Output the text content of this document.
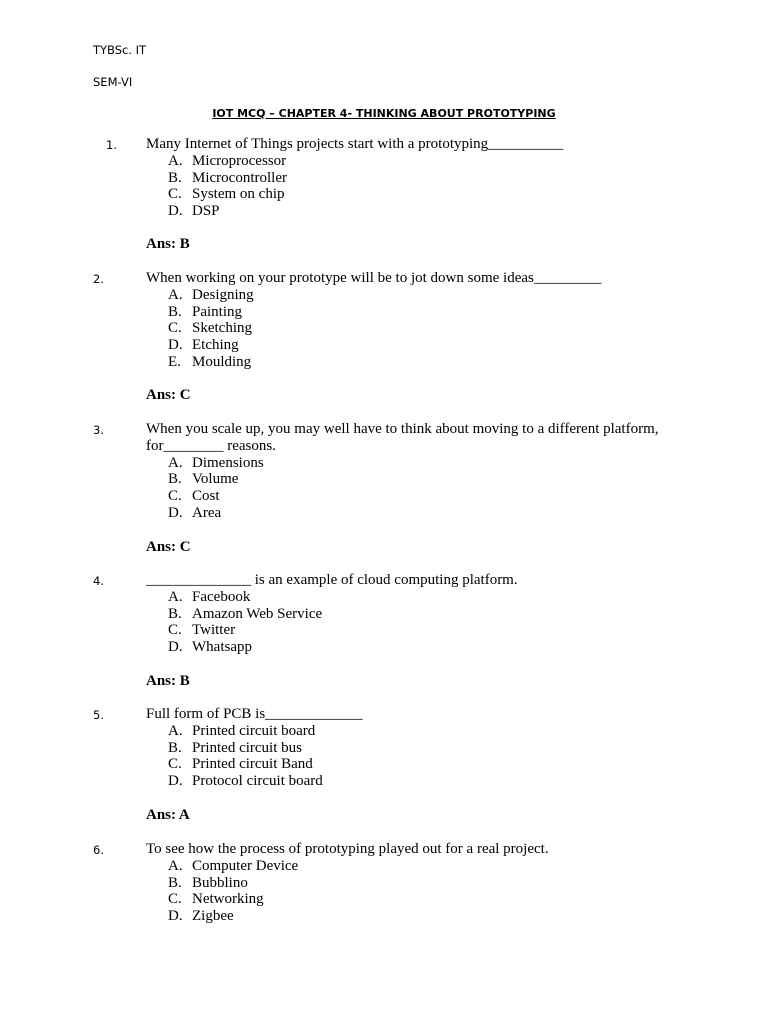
TYBSc. IT
SEM-VI
IOT MCQ – CHAPTER 4- THINKING ABOUT PROTOTYPING
1. Many Internet of Things projects start with a prototyping__________
A. Microprocessor
B. Microcontroller
C. System on chip
D. DSP
Ans: B
2.	When working on your prototype will be to jot down some ideas_________
A. Designing
B. Painting
C. Sketching
D. Etching
E. Moulding
Ans: C
3.	When you scale up, you may well have to think about moving to a different platform, for________ reasons.
A. Dimensions
B. Volume
C. Cost
D. Area
Ans: C
4.	______________ is an example of cloud computing platform.
A. Facebook
B. Amazon Web Service
C. Twitter
D. Whatsapp
Ans: B
5.	Full form of PCB is_____________
A. Printed circuit board
B. Printed circuit bus
C. Printed circuit Band
D. Protocol circuit board
Ans: A
6.	To see how the process of prototyping played out for a real project.
A. Computer Device
B. Bubblino
C. Networking
D. Zigbee
